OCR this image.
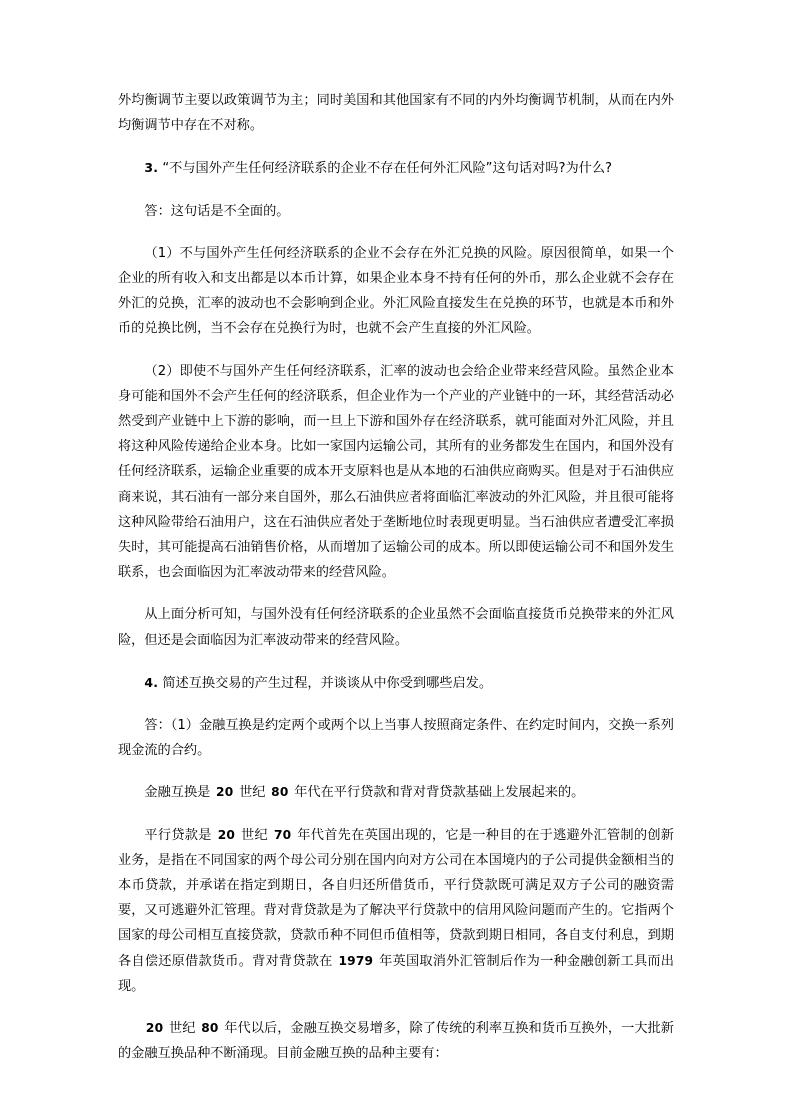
外均衡调节主要以政策调节为主；同时美国和其他国家有不同的内外均衡调节机制，从而在内外均衡调节中存在不对称。

3. “不与国外产生任何经济联系的企业不存在任何外汇风险”这句话对吗?为什么?

答：这句话是不全面的。

（1）不与国外产生任何经济联系的企业不会存在外汇兑换的风险。原因很简单，如果一个企业的所有收入和支出都是以本币计算，如果企业本身不持有任何的外币，那么企业就不会存在外汇的兑换，汇率的波动也不会影响到企业。外汇风险直接发生在兑换的环节，也就是本币和外币的兑换比例，当不会存在兑换行为时，也就不会产生直接的外汇风险。

（2）即使不与国外产生任何经济联系，汇率的波动也会给企业带来经营风险。虽然企业本身可能和国外不会产生任何的经济联系，但企业作为一个产业的产业链中的一环，其经营活动必然受到产业链中上下游的影响，而一旦上下游和国外存在经济联系，就可能面对外汇风险，并且将这种风险传递给企业本身。比如一家国内运输公司，其所有的业务都发生在国内，和国外没有任何经济联系，运输企业重要的成本开支原料也是从本地的石油供应商购买。但是对于石油供应商来说，其石油有一部分来自国外，那么石油供应者将面临汇率波动的外汇风险，并且很可能将这种风险带给石油用户，这在石油供应者处于垄断地位时表现更明显。当石油供应者遭受汇率损失时，其可能提高石油销售价格，从而增加了运输公司的成本。所以即使运输公司不和国外发生联系，也会面临因为汇率波动带来的经营风险。

从上面分析可知，与国外没有任何经济联系的企业虽然不会面临直接货币兑换带来的外汇风险，但还是会面临因为汇率波动带来的经营风险。

4. 简述互换交易的产生过程，并谈谈从中你受到哪些启发。

答：（1）金融互换是约定两个或两个以上当事人按照商定条件、在约定时间内，交换一系列现金流的合约。

金融互换是 20 世纪 80 年代在平行贷款和背对背贷款基础上发展起来的。

平行贷款是 20 世纪 70 年代首先在英国出现的，它是一种目的在于逃避外汇管制的创新业务，是指在不同国家的两个母公司分别在国内向对方公司在本国境内的子公司提供金额相当的本币贷款，并承诺在指定到期日，各自归还所借货币，平行贷款既可满足双方子公司的融资需要，又可逃避外汇管理。背对背贷款是为了解决平行贷款中的信用风险问题而产生的。它指两个国家的母公司相互直接贷款，贷款币种不同但币值相等，贷款到期日相同，各自支付利息，到期各自偿还原借款货币。背对背贷款在 1979 年英国取消外汇管制后作为一种金融创新工具而出现。

20 世纪 80 年代以后，金融互换交易增多，除了传统的利率互换和货币互换外，一大批新的金融互换品种不断涌现。目前金融互换的品种主要有：
